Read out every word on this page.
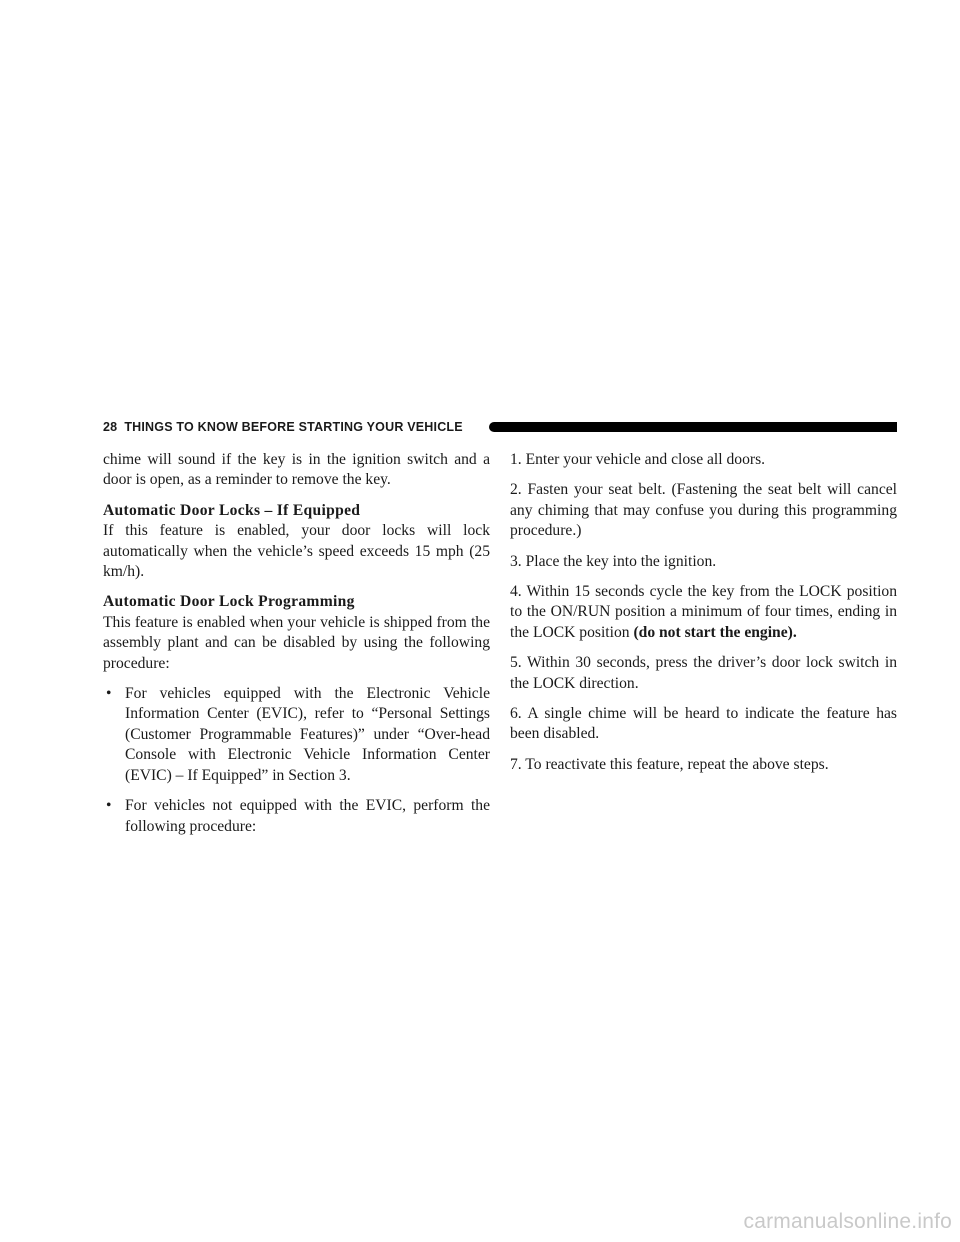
28 THINGS TO KNOW BEFORE STARTING YOUR VEHICLE

chime will sound if the key is in the ignition switch and a door is open, as a reminder to remove the key.

Automatic Door Locks – If Equipped

If this feature is enabled, your door locks will lock automatically when the vehicle’s speed exceeds 15 mph (25 km/h).

Automatic Door Lock Programming

This feature is enabled when your vehicle is shipped from the assembly plant and can be disabled by using the following procedure:

• For vehicles equipped with the Electronic Vehicle Information Center (EVIC), refer to “Personal Settings (Customer Programmable Features)” under “Over-head Console with Electronic Vehicle Information Center (EVIC) – If Equipped” in Section 3.
• For vehicles not equipped with the EVIC, perform the following procedure:

1. Enter your vehicle and close all doors.

2. Fasten your seat belt. (Fastening the seat belt will cancel any chiming that may confuse you during this programming procedure.)

3. Place the key into the ignition.

4. Within 15 seconds cycle the key from the LOCK position to the ON/RUN position a minimum of four times, ending in the LOCK position (do not start the engine).

5. Within 30 seconds, press the driver’s door lock switch in the LOCK direction.

6. A single chime will be heard to indicate the feature has been disabled.

7. To reactivate this feature, repeat the above steps.

carmanualsonline.info
